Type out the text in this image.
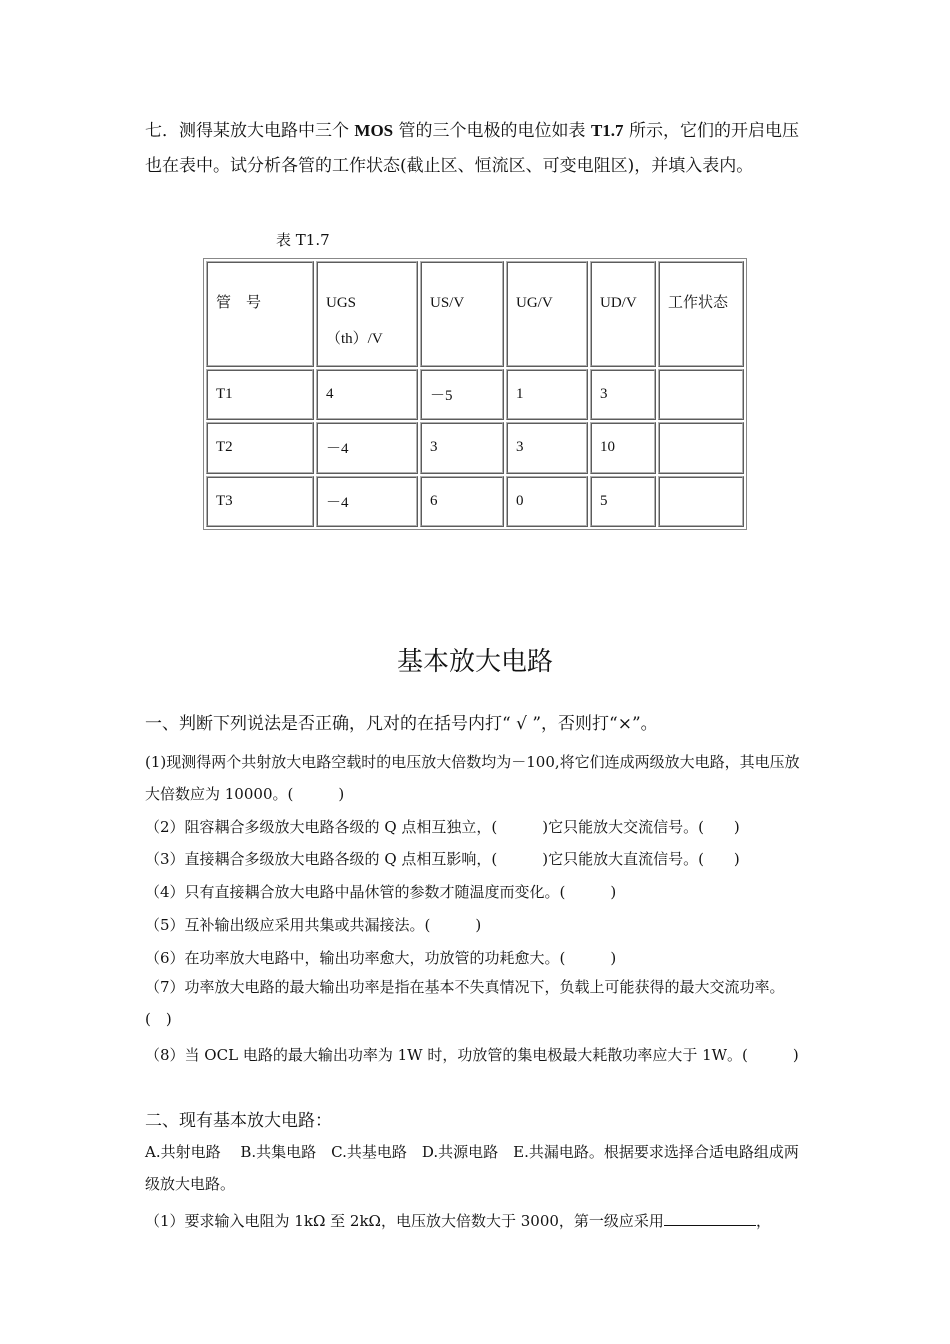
七．测得某放大电路中三个 MOS 管的三个电极的电位如表 T1.7 所示，它们的开启电压也在表中。试分析各管的工作状态(截止区、恒流区、可变电阻区)，并填入表内。
表 T1.7
管　号	UGS（th）/V	US/V	UG/V	UD/V	工作状态
T1	4	－5	1	3	
T2	－4	3	3	10	
T3	－4	6	0	5	
基本放大电路
一、判断下列说法是否正确，凡对的在括号内打“ √ ”，否则打“×”。
(1)现测得两个共射放大电路空载时的电压放大倍数均为－100,将它们连成两级放大电路，其电压放大倍数应为 10000。(　　　)
（2）阻容耦合多级放大电路各级的 Q 点相互独立，(　　　)它只能放大交流信号。(　　)
（3）直接耦合多级放大电路各级的 Q 点相互影响，(　　　)它只能放大直流信号。(　　)
（4）只有直接耦合放大电路中晶休管的参数才随温度而变化。(　　　)
（5）互补输出级应采用共集或共漏接法。(　　　)
（6）在功率放大电路中，输出功率愈大，功放管的功耗愈大。(　　　)
（7）功率放大电路的最大输出功率是指在基本不失真情况下，负载上可能获得的最大交流功率。(　)
（8）当 OCL 电路的最大输出功率为 1W 时，功放管的集电极最大耗散功率应大于 1W。(　　　)
二、现有基本放大电路：
A.共射电路　 B.共集电路　C.共基电路　D.共源电路　E.共漏电路。根据要求选择合适电路组成两级放大电路。
（1）要求输入电阻为 1kΩ 至 2kΩ，电压放大倍数大于 3000，第一级应采用	，
